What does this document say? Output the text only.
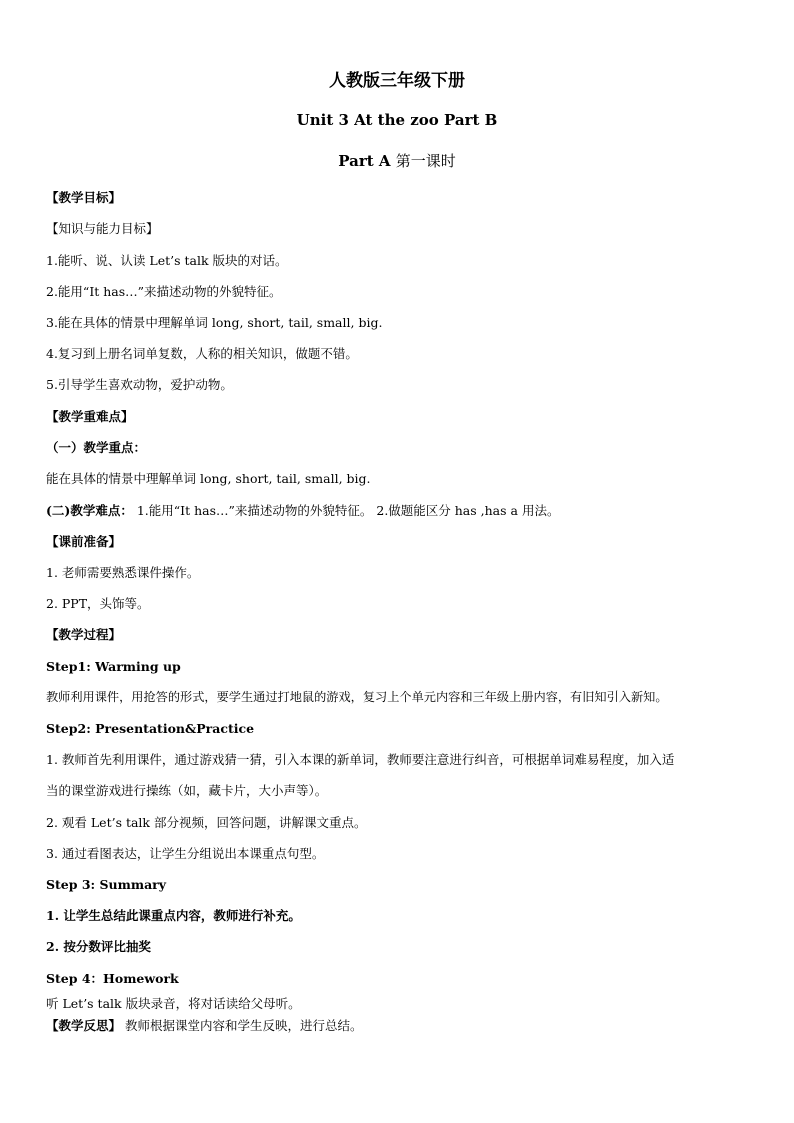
人教版三年级下册
Unit 3 At the zoo Part B
Part A 第一课时
【教学目标】
【知识与能力目标】
1.能听、说、认读 Let’s talk 版块的对话。
2.能用“It has…”来描述动物的外貌特征。
3.能在具体的情景中理解单词 long, short, tail, small, big.
4.复习到上册名词单复数，人称的相关知识，做题不错。
5.引导学生喜欢动物，爱护动物。
【教学重难点】
（一）教学重点：
能在具体的情景中理解单词 long, short, tail, small, big.
(二)教学难点： 1.能用“It has…”来描述动物的外貌特征。 2.做题能区分 has ,has a 用法。
【课前准备】
1. 老师需要熟悉课件操作。
2. PPT，头饰等。
【教学过程】
Step1: Warming up
教师利用课件，用抢答的形式，要学生通过打地鼠的游戏，复习上个单元内容和三年级上册内容，有旧知引入新知。
Step2: Presentation&Practice
1. 教师首先利用课件，通过游戏猜一猜，引入本课的新单词，教师要注意进行纠音，可根据单词难易程度，加入适
当的课堂游戏进行操练（如，藏卡片，大小声等）。
2. 观看 Let’s talk 部分视频，回答问题，讲解课文重点。
3. 通过看图表达，让学生分组说出本课重点句型。
Step 3: Summary
1. 让学生总结此课重点内容，教师进行补充。
2. 按分数评比抽奖
Step 4：Homework
听 Let’s talk 版块录音，将对话读给父母听。
【教学反思】 教师根据课堂内容和学生反映，进行总结。
